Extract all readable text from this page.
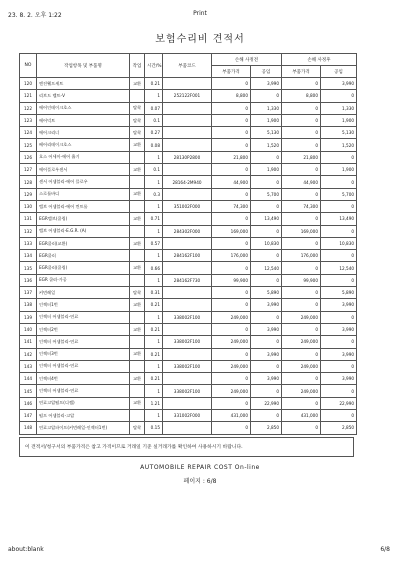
23. 8. 2. 오후 1:22	Print
보험수리비 견적서
NO	작업항목 및 부품명	작업	시간/%	부품코드	손해 사정전		손해 사정후	
					부품가격	공임	부품가격	공임
120	엔진웰프셰트	교환	0.21		0	3,990	0	3,990
121	리브드 벨트-V		1	252122F001	8,800	0	8,800	0
122	에어인테이크호스	탈착	0.07		0	1,330	0	1,330
123	에어덕트	탈착	0.1		0	1,900	0	1,900
124	에어크리너	탈착	0.27		0	5,130	0	5,130
125	베어리테이크호스	교환	0.08		0	1,520	0	1,520
126	호스 어세이-에어 흡기		1	28130P2800	21,800	0	21,800	0
127	에어플로우센서	교환	0.1		0	1,900	0	1,900
128	센서 어셈블리-에어 플로우		1	28164-2M940	44,900	0	44,900	0
129	스로틀바디	교환	0.3		0	5,700	0	5,700
130	밸브 어셈블리-에어 컨트롤		1	351002F000	74,300	0	74,300	0
131	EGR밸브(쿨링)	교환	0.71		0	13,490	0	13,490
132	밸브 어셈블리-E.G.R. (A)		1	284302F000	169,000	0	169,000	0
133	EGR쿨러(교환)	교환	0.57		0	10,830	0	10,830
134	EGR쿨러		1	284162F100	176,000	0	176,000	0
135	EGR쿨러(쿨링)	교환	0.66		0	12,540	0	12,540
136	EGR 쿨러-가공		1	284162F730	99,900	0	99,900	0
137	커먼레일	탈착	0.31		0	5,890	0	5,890
138	인젝터1번	교환	0.21		0	3,990	0	3,990
139	인젝터 어셈블리-연료		1	338002F100	249,000	0	249,000	0
140	인젝터2번	교환	0.21		0	3,990	0	3,990
141	인젝터 어셈블리-연료		1	338002F100	249,000	0	249,000	0
142	인젝터3번	교환	0.21		0	3,990	0	3,990
143	인젝터 어셈블리-연료		1	338002F100	249,000	0	249,000	0
144	인젝터4번	교환	0.21		0	3,990	0	3,990
145	인젝터 어셈블리-연료		1	338002F100	249,000	0	249,000	0
146	연료고압펌프(디젤)	교환	1.21		0	22,990	0	22,990
147	펌프 어셈블리-고압		1	331002F000	431,000	0	431,000	0
148	연료고압파이프(커먼레일-인젝터1번)	탈착	0.15		0	2,850	0	2,850
이 견적서/청구서의 부품가격은 참고 가격이므로 거래일 기준 실거래가를 확인하여 사용하시기 바랍니다.
AUTOMOBILE REPAIR COST On-line
페이지 : 6/8
about:blank	6/8
